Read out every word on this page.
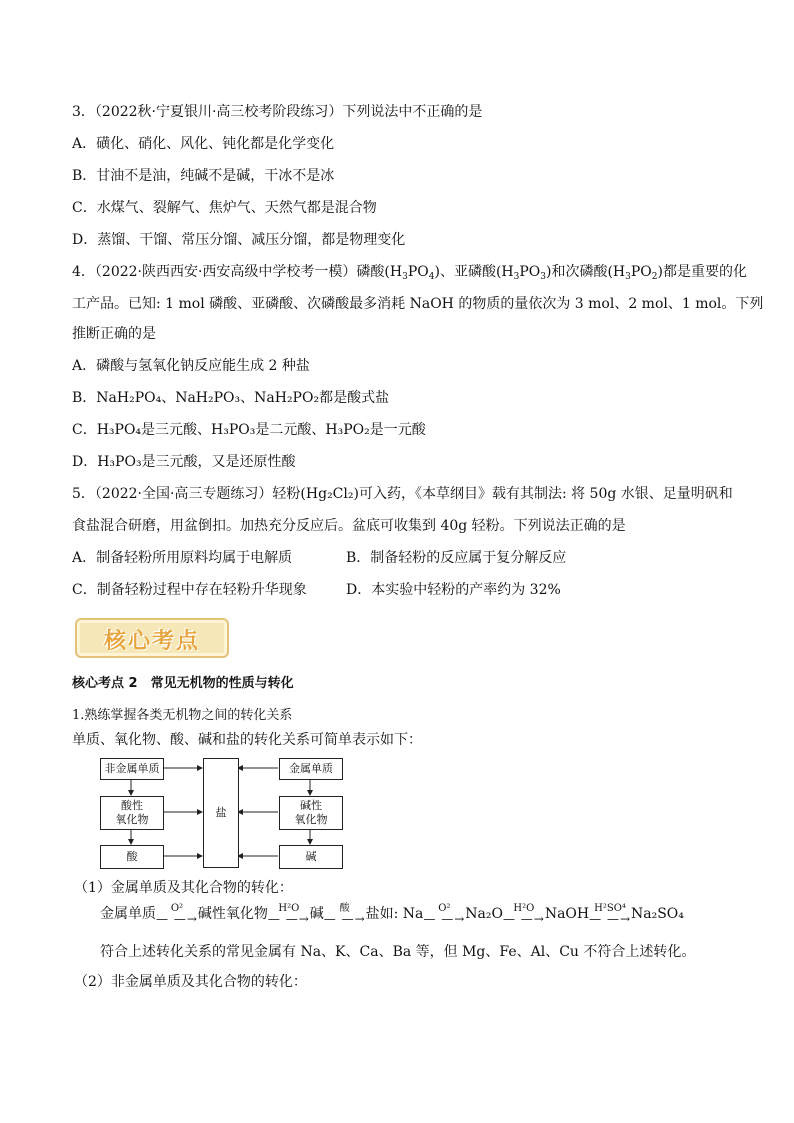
3．（2022秋·宁夏银川·高三校考阶段练习）下列说法中不正确的是
A．磺化、硝化、风化、钝化都是化学变化
B．甘油不是油，纯碱不是碱，干冰不是冰
C．水煤气、裂解气、焦炉气、天然气都是混合物
D．蒸馏、干馏、常压分馏、减压分馏，都是物理变化
4．（2022·陕西西安·西安高级中学校考一模）磷酸$(H_3PO_4)$、亚磷酸$(H_3PO_3)$和次磷酸$(H_3PO_2)$都是重要的化
工产品。已知: 1 mol 磷酸、亚磷酸、次磷酸最多消耗 NaOH 的物质的量依次为 3 mol、2 mol、1 mol。下列
推断正确的是
A．磷酸与氢氧化钠反应能生成 2 种盐
B．NaH₂PO₄、NaH₂PO₃、NaH₂PO₂都是酸式盐
C．H₃PO₄是三元酸、H₃PO₃是二元酸、H₃PO₂是一元酸
D．H₃PO₃是三元酸，又是还原性酸
5．（2022·全国·高三专题练习）轻粉(Hg₂Cl₂)可入药，《本草纲目》载有其制法: 将 50g 水银、足量明矾和
食盐混合研磨，用盆倒扣。加热充分反应后。盆底可收集到 40g 轻粉。下列说法正确的是
A．制备轻粉所用原料均属于电解质	B．制备轻粉的反应属于复分解反应
C．制备轻粉过程中存在轻粉升华现象	D．本实验中轻粉的产率约为 32%
核心考点
核心考点 2　常见无机物的性质与转化
1.熟练掌握各类无机物之间的转化关系
单质、氧化物、酸、碱和盐的转化关系可简单表示如下：
非金属单质
酸性
氧化物
酸
盐
金属单质
碱性
氧化物
碱
（1）金属单质及其化合物的转化：
金属单质	O²
— —→ 碱性氧化物	H²O
— —→ 碱	酸
— —→ 盐如: Na	O²
— —→ Na₂O	H²O
— —→ NaOH H²SO⁴
— —→ Na₂SO₄
符合上述转化关系的常见金属有 Na、K、Ca、Ba 等，但 Mg、Fe、Al、Cu 不符合上述转化。
（2）非金属单质及其化合物的转化：
